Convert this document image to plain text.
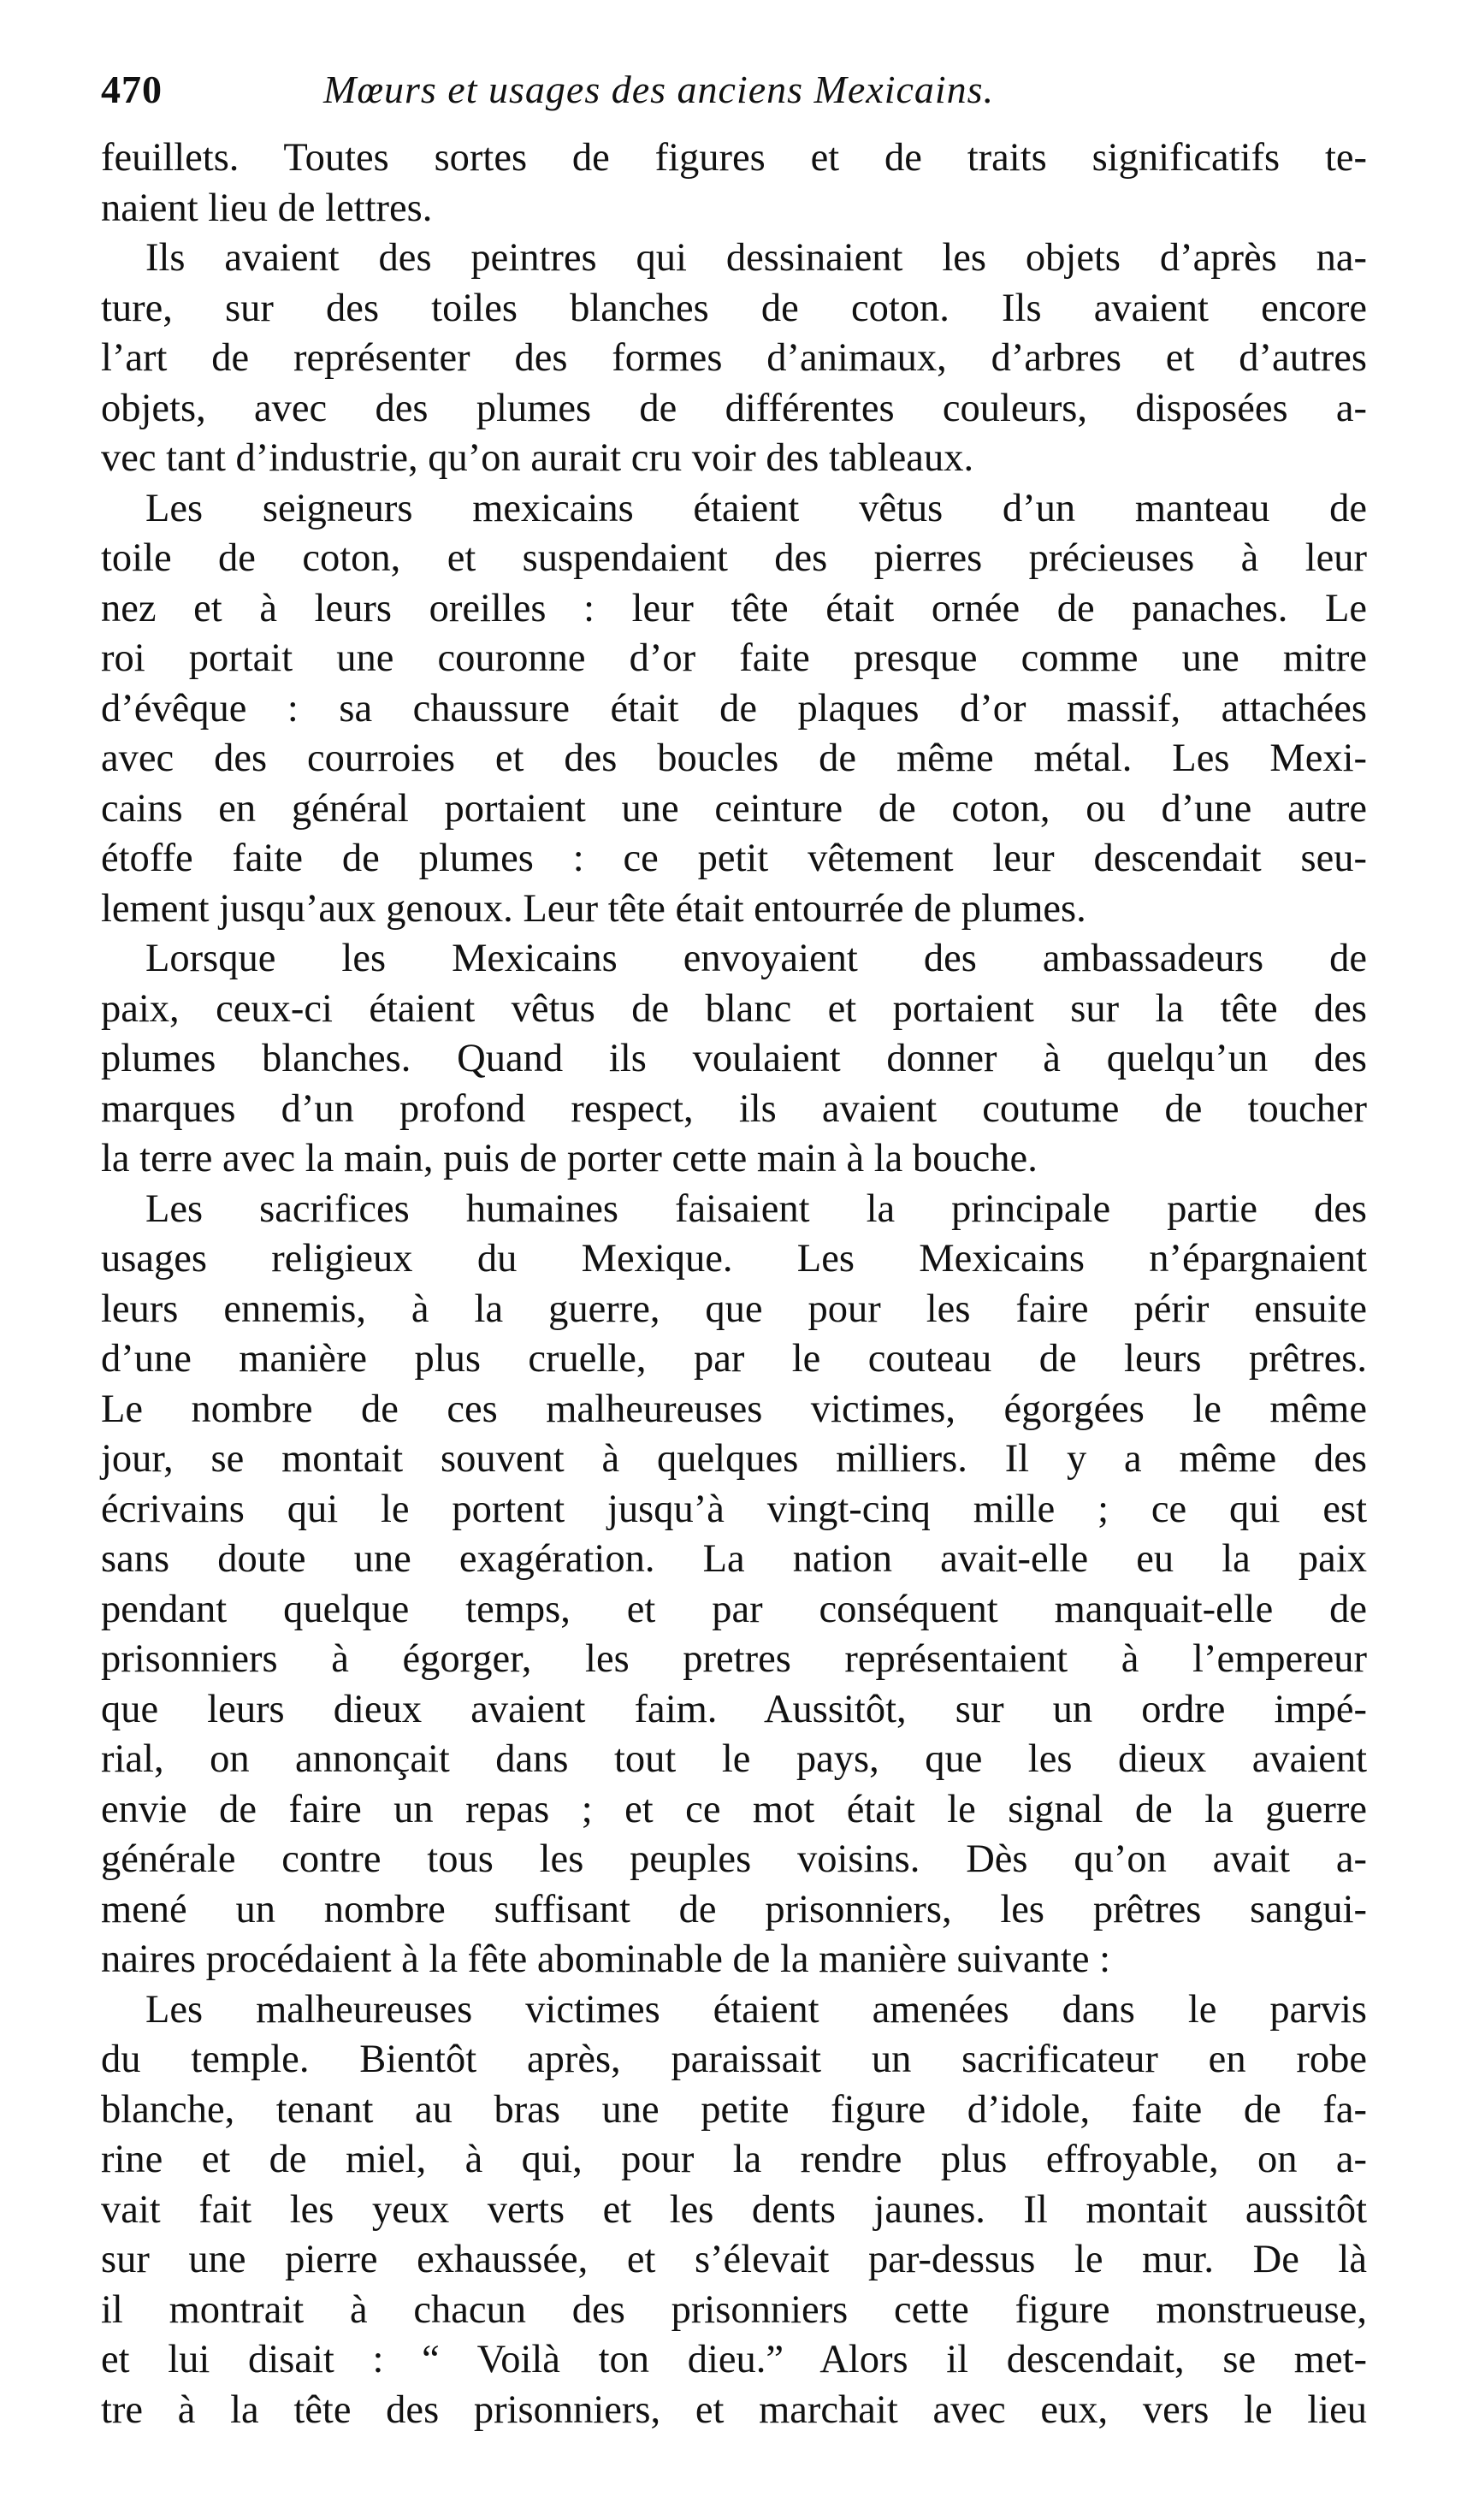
470	Mœurs et usages des anciens Mexicains.
feuillets. Toutes sortes de figures et de traits significatifs te-
naient lieu de lettres.
Ils avaient des peintres qui dessinaient les objets d’après na-
ture, sur des toiles blanches de coton. Ils avaient encore
l’art de représenter des formes d’animaux, d’arbres et d’autres
objets, avec des plumes de différentes couleurs, disposées a-
vec tant d’industrie, qu’on aurait cru voir des tableaux.
Les seigneurs mexicains étaient vêtus d’un manteau de
toile de coton, et suspendaient des pierres précieuses à leur
nez et à leurs oreilles : leur tête était ornée de panaches. Le
roi portait une couronne d’or faite presque comme une mitre
d’évêque : sa chaussure était de plaques d’or massif, attachées
avec des courroies et des boucles de même métal. Les Mexi-
cains en général portaient une ceinture de coton, ou d’une autre
étoffe faite de plumes : ce petit vêtement leur descendait seu-
lement jusqu’aux genoux. Leur tête était entourrée de plumes.
Lorsque les Mexicains envoyaient des ambassadeurs de
paix, ceux-ci étaient vêtus de blanc et portaient sur la tête des
plumes blanches. Quand ils voulaient donner à quelqu’un des
marques d’un profond respect, ils avaient coutume de toucher
la terre avec la main, puis de porter cette main à la bouche.
Les sacrifices humaines faisaient la principale partie des
usages religieux du Mexique. Les Mexicains n’épargnaient
leurs ennemis, à la guerre, que pour les faire périr ensuite
d’une manière plus cruelle, par le couteau de leurs prêtres.
Le nombre de ces malheureuses victimes, égorgées le même
jour, se montait souvent à quelques milliers. Il y a même des
écrivains qui le portent jusqu’à vingt-cinq mille ; ce qui est
sans doute une exagération. La nation avait-elle eu la paix
pendant quelque temps, et par conséquent manquait-elle de
prisonniers à égorger, les pretres représentaient à l’empereur
que leurs dieux avaient faim. Aussitôt, sur un ordre impé-
rial, on annonçait dans tout le pays, que les dieux avaient
envie de faire un repas ; et ce mot était le signal de la guerre
générale contre tous les peuples voisins. Dès qu’on avait a-
mené un nombre suffisant de prisonniers, les prêtres sangui-
naires procédaient à la fête abominable de la manière suivante :
Les malheureuses victimes étaient amenées dans le parvis
du temple. Bientôt après, paraissait un sacrificateur en robe
blanche, tenant au bras une petite figure d’idole, faite de fa-
rine et de miel, à qui, pour la rendre plus effroyable, on a-
vait fait les yeux verts et les dents jaunes. Il montait aussitôt
sur une pierre exhaussée, et s’élevait par-dessus le mur. De là
il montrait à chacun des prisonniers cette figure monstrueuse,
et lui disait : “ Voilà ton dieu.” Alors il descendait, se met-
tre à la tête des prisonniers, et marchait avec eux, vers le lieu
